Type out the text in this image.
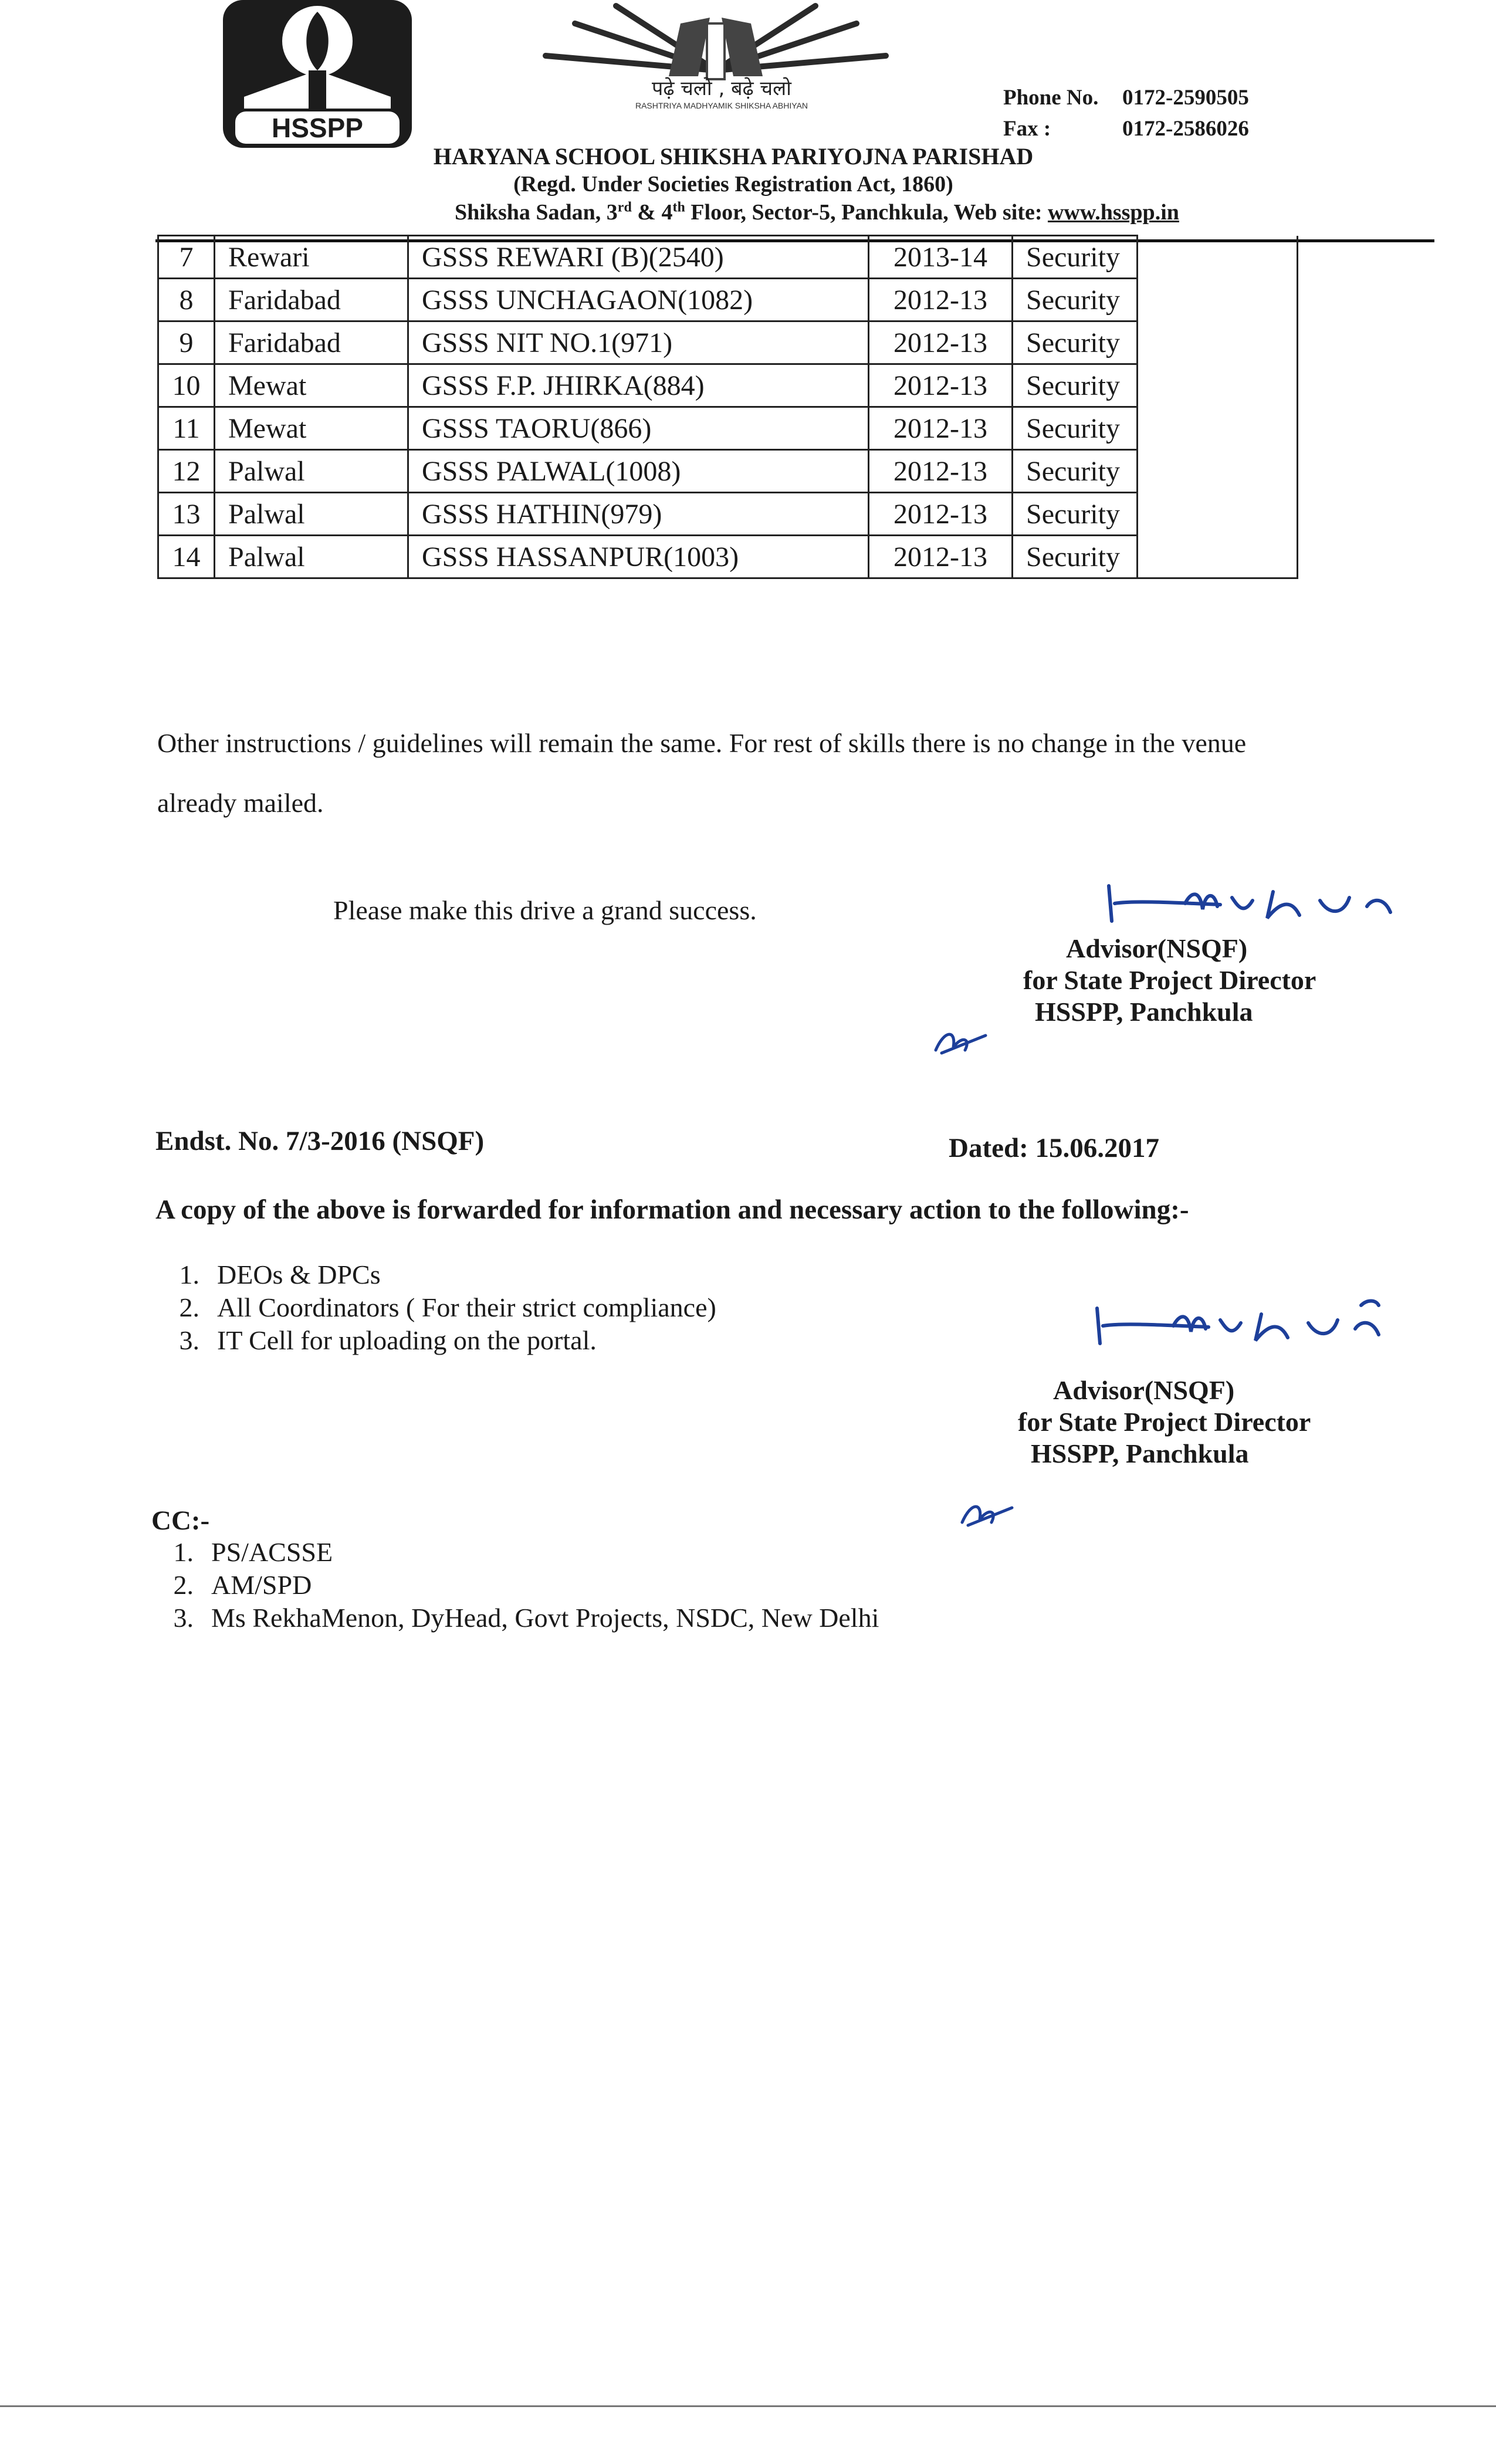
HSSPP
पढ़े चलो , बढ़े चलो
RASHTRIYA MADHYAMIK SHIKSHA ABHIYAN	Phone No. 0172-2590505
Fax :	0172-2586026
HARYANA SCHOOL SHIKSHA PARIYOJNA PARISHAD
(Regd. Under Societies Registration Act, 1860)
Shiksha Sadan, 3rd & 4th Floor, Sector-5, Panchkula, Web site: www.hsspp.in
7	Rewari	GSSS REWARI (B)(2540)	2013-14	Security	
8	Faridabad	GSSS UNCHAGAON(1082)	2012-13	Security	
9	Faridabad	GSSS NIT NO.1(971)	2012-13	Security	
10	Mewat	GSSS F.P. JHIRKA(884)	2012-13	Security	
11	Mewat	GSSS TAORU(866)	2012-13	Security	
12	Palwal	GSSS PALWAL(1008)	2012-13	Security	
13	Palwal	GSSS HATHIN(979)	2012-13	Security	
14	Palwal	GSSS HASSANPUR(1003)	2012-13	Security	
Other instructions / guidelines will remain the same. For rest of skills there is no change in the venue
already mailed.
Please make this drive a grand success.
Advisor(NSQF)
for State Project Director
HSSPP, Panchkula
Endst. No. 7/3-2016 (NSQF)	Dated: 15.06.2017
A copy of the above is forwarded for information and necessary action to the following:-
1. DEOs & DPCs
2. All Coordinators ( For their strict compliance)
3. IT Cell for uploading on the portal.
Advisor(NSQF)
for State Project Director
HSSPP, Panchkula
CC:-
1. PS/ACSSE
2. AM/SPD
3. Ms RekhaMenon, DyHead, Govt Projects, NSDC, New Delhi
